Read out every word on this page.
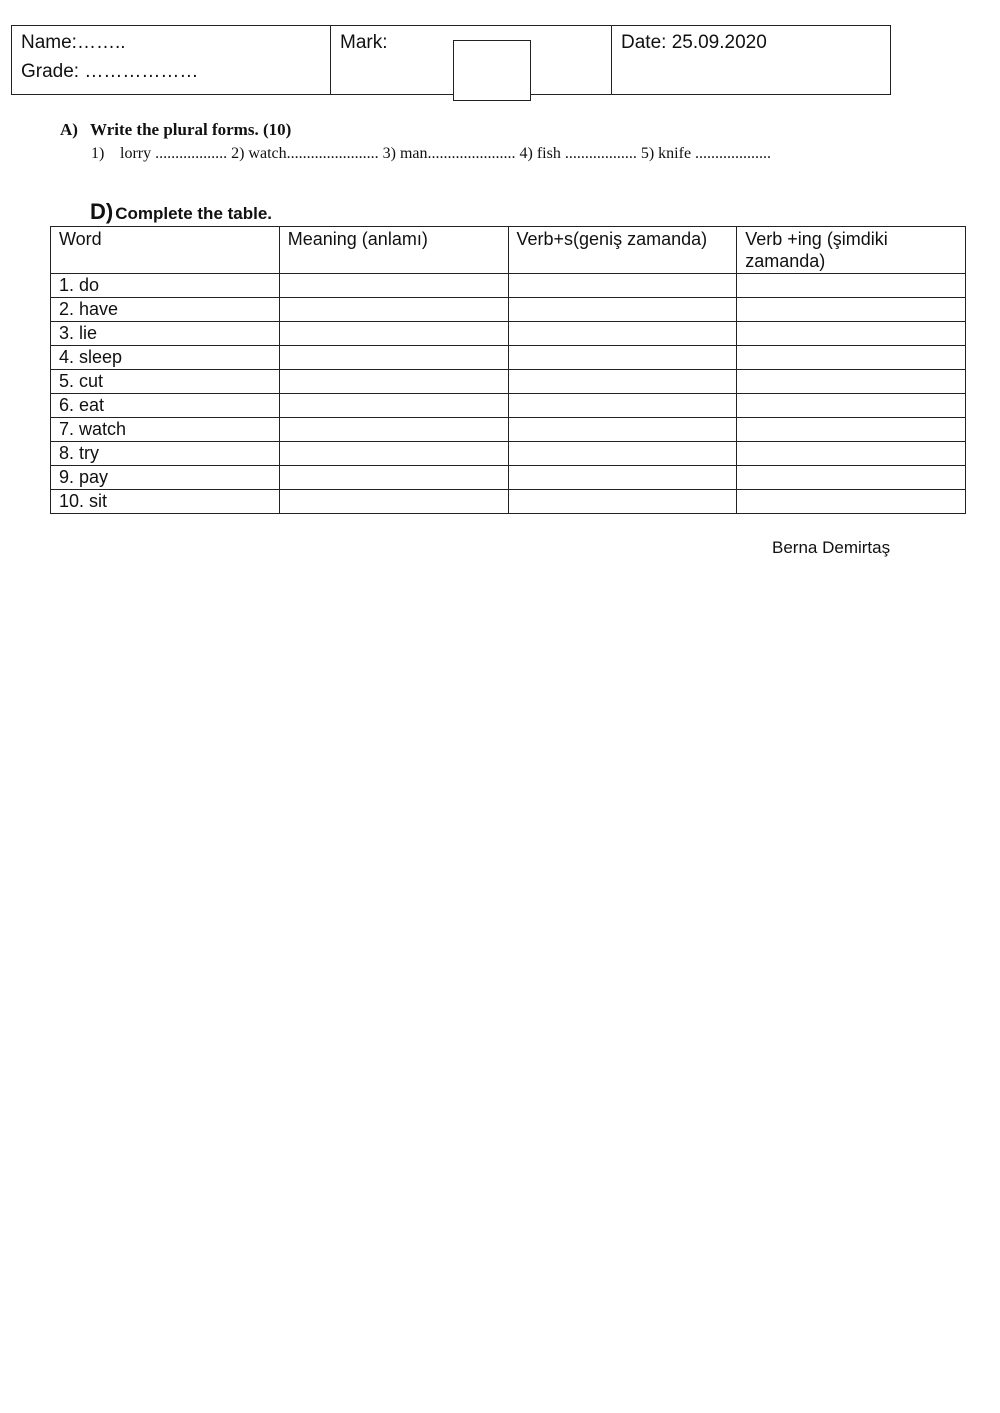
Name:……..
Grade: ………………
Mark:	Date: 25.09.2020
A) Write the plural forms. (10)
1) lorry .................. 2) watch....................... 3) man...................... 4) fish .................. 5) knife ...................
D) Complete the table.
Word	Meaning (anlamı)	Verb+s(geniş zamanda)	Verb +ing (şimdiki zamanda)
1. do			
2. have			
3. lie			
4. sleep			
5. cut			
6. eat			
7. watch			
8. try			
9. pay			
10. sit			
Berna Demirtaş
